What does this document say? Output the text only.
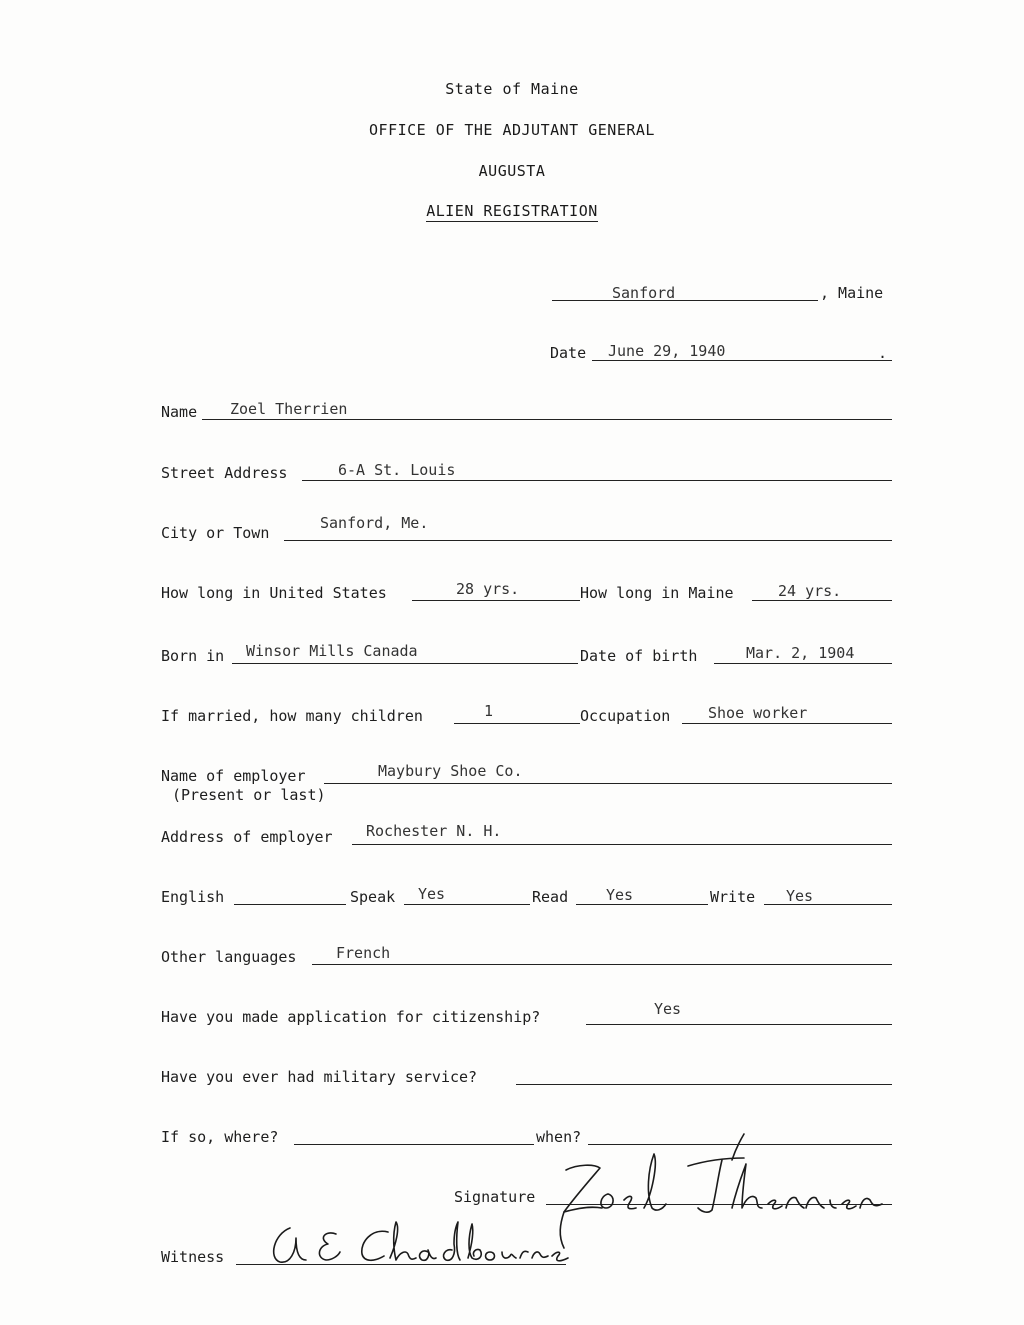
State of Maine
OFFICE OF THE ADJUTANT GENERAL
AUGUSTA
ALIEN REGISTRATION
Sanford	, Maine
Date June 29, 1940	.
Name Zoel Therrien
Street Address	6-A St. Louis
City or Town
Sanford, Me.
How long in United States	28 yrs.	How long in Maine	24 yrs.
Born in Winsor Mills Canada	Date of birth	Mar. 2, 1904
If married, how many children	1	Occupation	Shoe worker
Name of employer
(Present or last)
Maybury Shoe Co.
Address of employer Rochester N. H.
English	Speak Yes	Read	Yes	Write Yes
Other languages	French
Have you made application for citizenship?	Yes
Have you ever had military service?
If so, where?	when?
Signature
Witness
